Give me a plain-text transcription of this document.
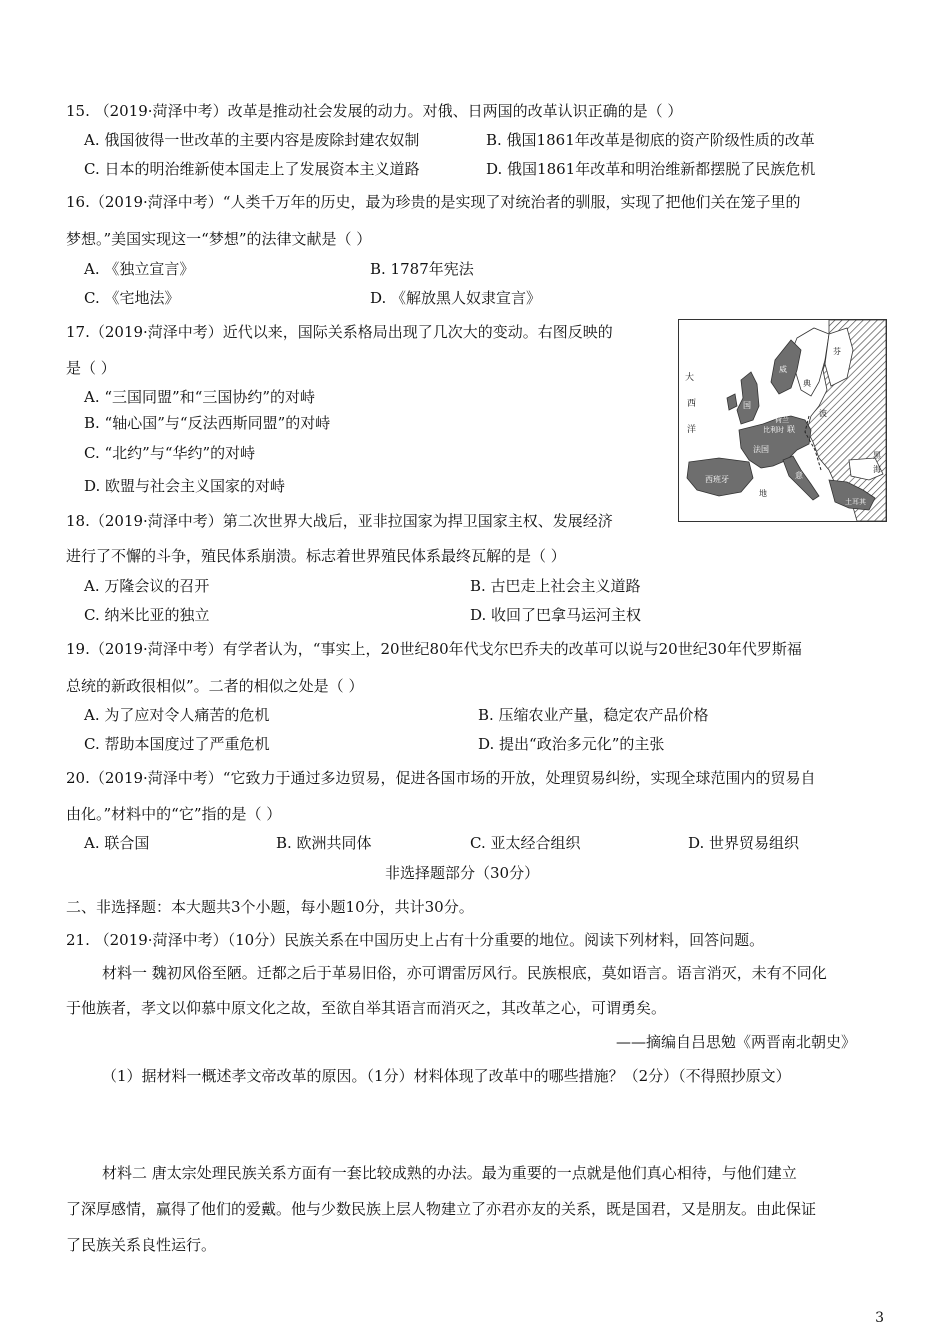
15. （2019·菏泽中考）改革是推动社会发展的动力。对俄、日两国的改革认识正确的是（ ）
A. 俄国彼得一世改革的主要内容是废除封建农奴制	B. 俄国1861年改革是彻底的资产阶级性质的改革
C. 日本的明治维新使本国走上了发展资本主义道路	D. 俄国1861年改革和明治维新都摆脱了民族危机
16.（2019·菏泽中考）“人类千万年的历史，最为珍贵的是实现了对统治者的驯服，实现了把他们关在笼子里的
梦想。”美国实现这一“梦想”的法律文献是（ ）
A. 《独立宣言》	B. 1787年宪法
C. 《宅地法》	D. 《解放黑人奴隶宣言》
17.（2019·菏泽中考）近代以来，国际关系格局出现了几次大的变动。右图反映的
是（ ）
A. “三国同盟”和“三国协约”的对峙
B. “轴心国”与“反法西斯同盟”的对峙
C. “北约”与“华约”的对峙
D. 欧盟与社会主义国家的对峙
大
西
洋
威
典
芬
国
法国
西班牙	意
波
联
比利时
荷兰
黑
海
地
土耳其
18.（2019·菏泽中考）第二次世界大战后，亚非拉国家为捍卫国家主权、发展经济
进行了不懈的斗争，殖民体系崩溃。标志着世界殖民体系最终瓦解的是（ ）
A. 万隆会议的召开	B. 古巴走上社会主义道路
C. 纳米比亚的独立	D. 收回了巴拿马运河主权
19.（2019·菏泽中考）有学者认为，“事实上，20世纪80年代戈尔巴乔夫的改革可以说与20世纪30年代罗斯福
总统的新政很相似”。二者的相似之处是（ ）
A. 为了应对令人痛苦的危机	B. 压缩农业产量，稳定农产品价格
C. 帮助本国度过了严重危机	D. 提出“政治多元化”的主张
20.（2019·菏泽中考）“它致力于通过多边贸易，促进各国市场的开放，处理贸易纠纷，实现全球范围内的贸易自
由化。”材料中的“它”指的是（ ）
A. 联合国	B. 欧洲共同体	C. 亚太经合组织	D. 世界贸易组织
非选择题部分（30分）
二、非选择题：本大题共3个小题，每小题10分，共计30分。
21. （2019·菏泽中考）（10分）民族关系在中国历史上占有十分重要的地位。阅读下列材料，回答问题。
材料一 魏初风俗至陋。迁都之后于革易旧俗，亦可谓雷厉风行。民族根底，莫如语言。语言消灭，未有不同化
于他族者，孝文以仰慕中原文化之故，至欲自举其语言而消灭之，其改革之心，可谓勇矣。
——摘编自吕思勉《两晋南北朝史》
（1）据材料一概述孝文帝改革的原因。（1分）材料体现了改革中的哪些措施？（2分）（不得照抄原文）
材料二 唐太宗处理民族关系方面有一套比较成熟的办法。最为重要的一点就是他们真心相待，与他们建立
了深厚感情，赢得了他们的爱戴。他与少数民族上层人物建立了亦君亦友的关系，既是国君，又是朋友。由此保证
了民族关系良性运行。
3
